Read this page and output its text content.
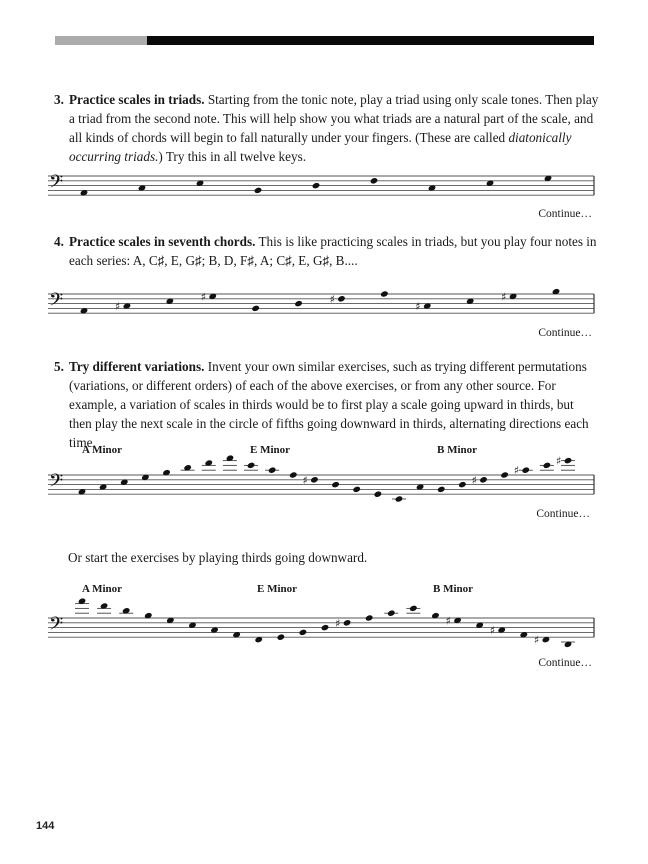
3. Practice scales in triads. Starting from the tonic note, play a triad using only scale tones. Then play a triad from the second note. This will help show you what triads are a natural part of the scale, and all kinds of chords will begin to fall naturally under your fingers. (These are called diatonically occurring triads.) Try this in all twelve keys.
𝄢
Continue…
4. Practice scales in seventh chords. This is like practicing scales in triads, but you play four notes in each series: A, C♯, E, G♯; B, D, F♯, A; C♯, E, G♯, B....
𝄢	♯
♯	♯
♯
♯
Continue…
5. Try different variations. Invent your own similar exercises, such as trying different permutations (variations, or different orders) of each of the above exercises, or from any other source. For example, a variation of scales in thirds would be to first play a scale going upward in thirds, but then play the next scale in the circle of fifths going downward in thirds, alternating directions each time.
A Minor	E Minor	B Minor
𝄢	♯	♯
♯
♯
Continue…
Or start the exercises by playing thirds going downward.
A Minor	E Minor	B Minor
𝄢	♯	♯
♯
♯
Continue…
144
